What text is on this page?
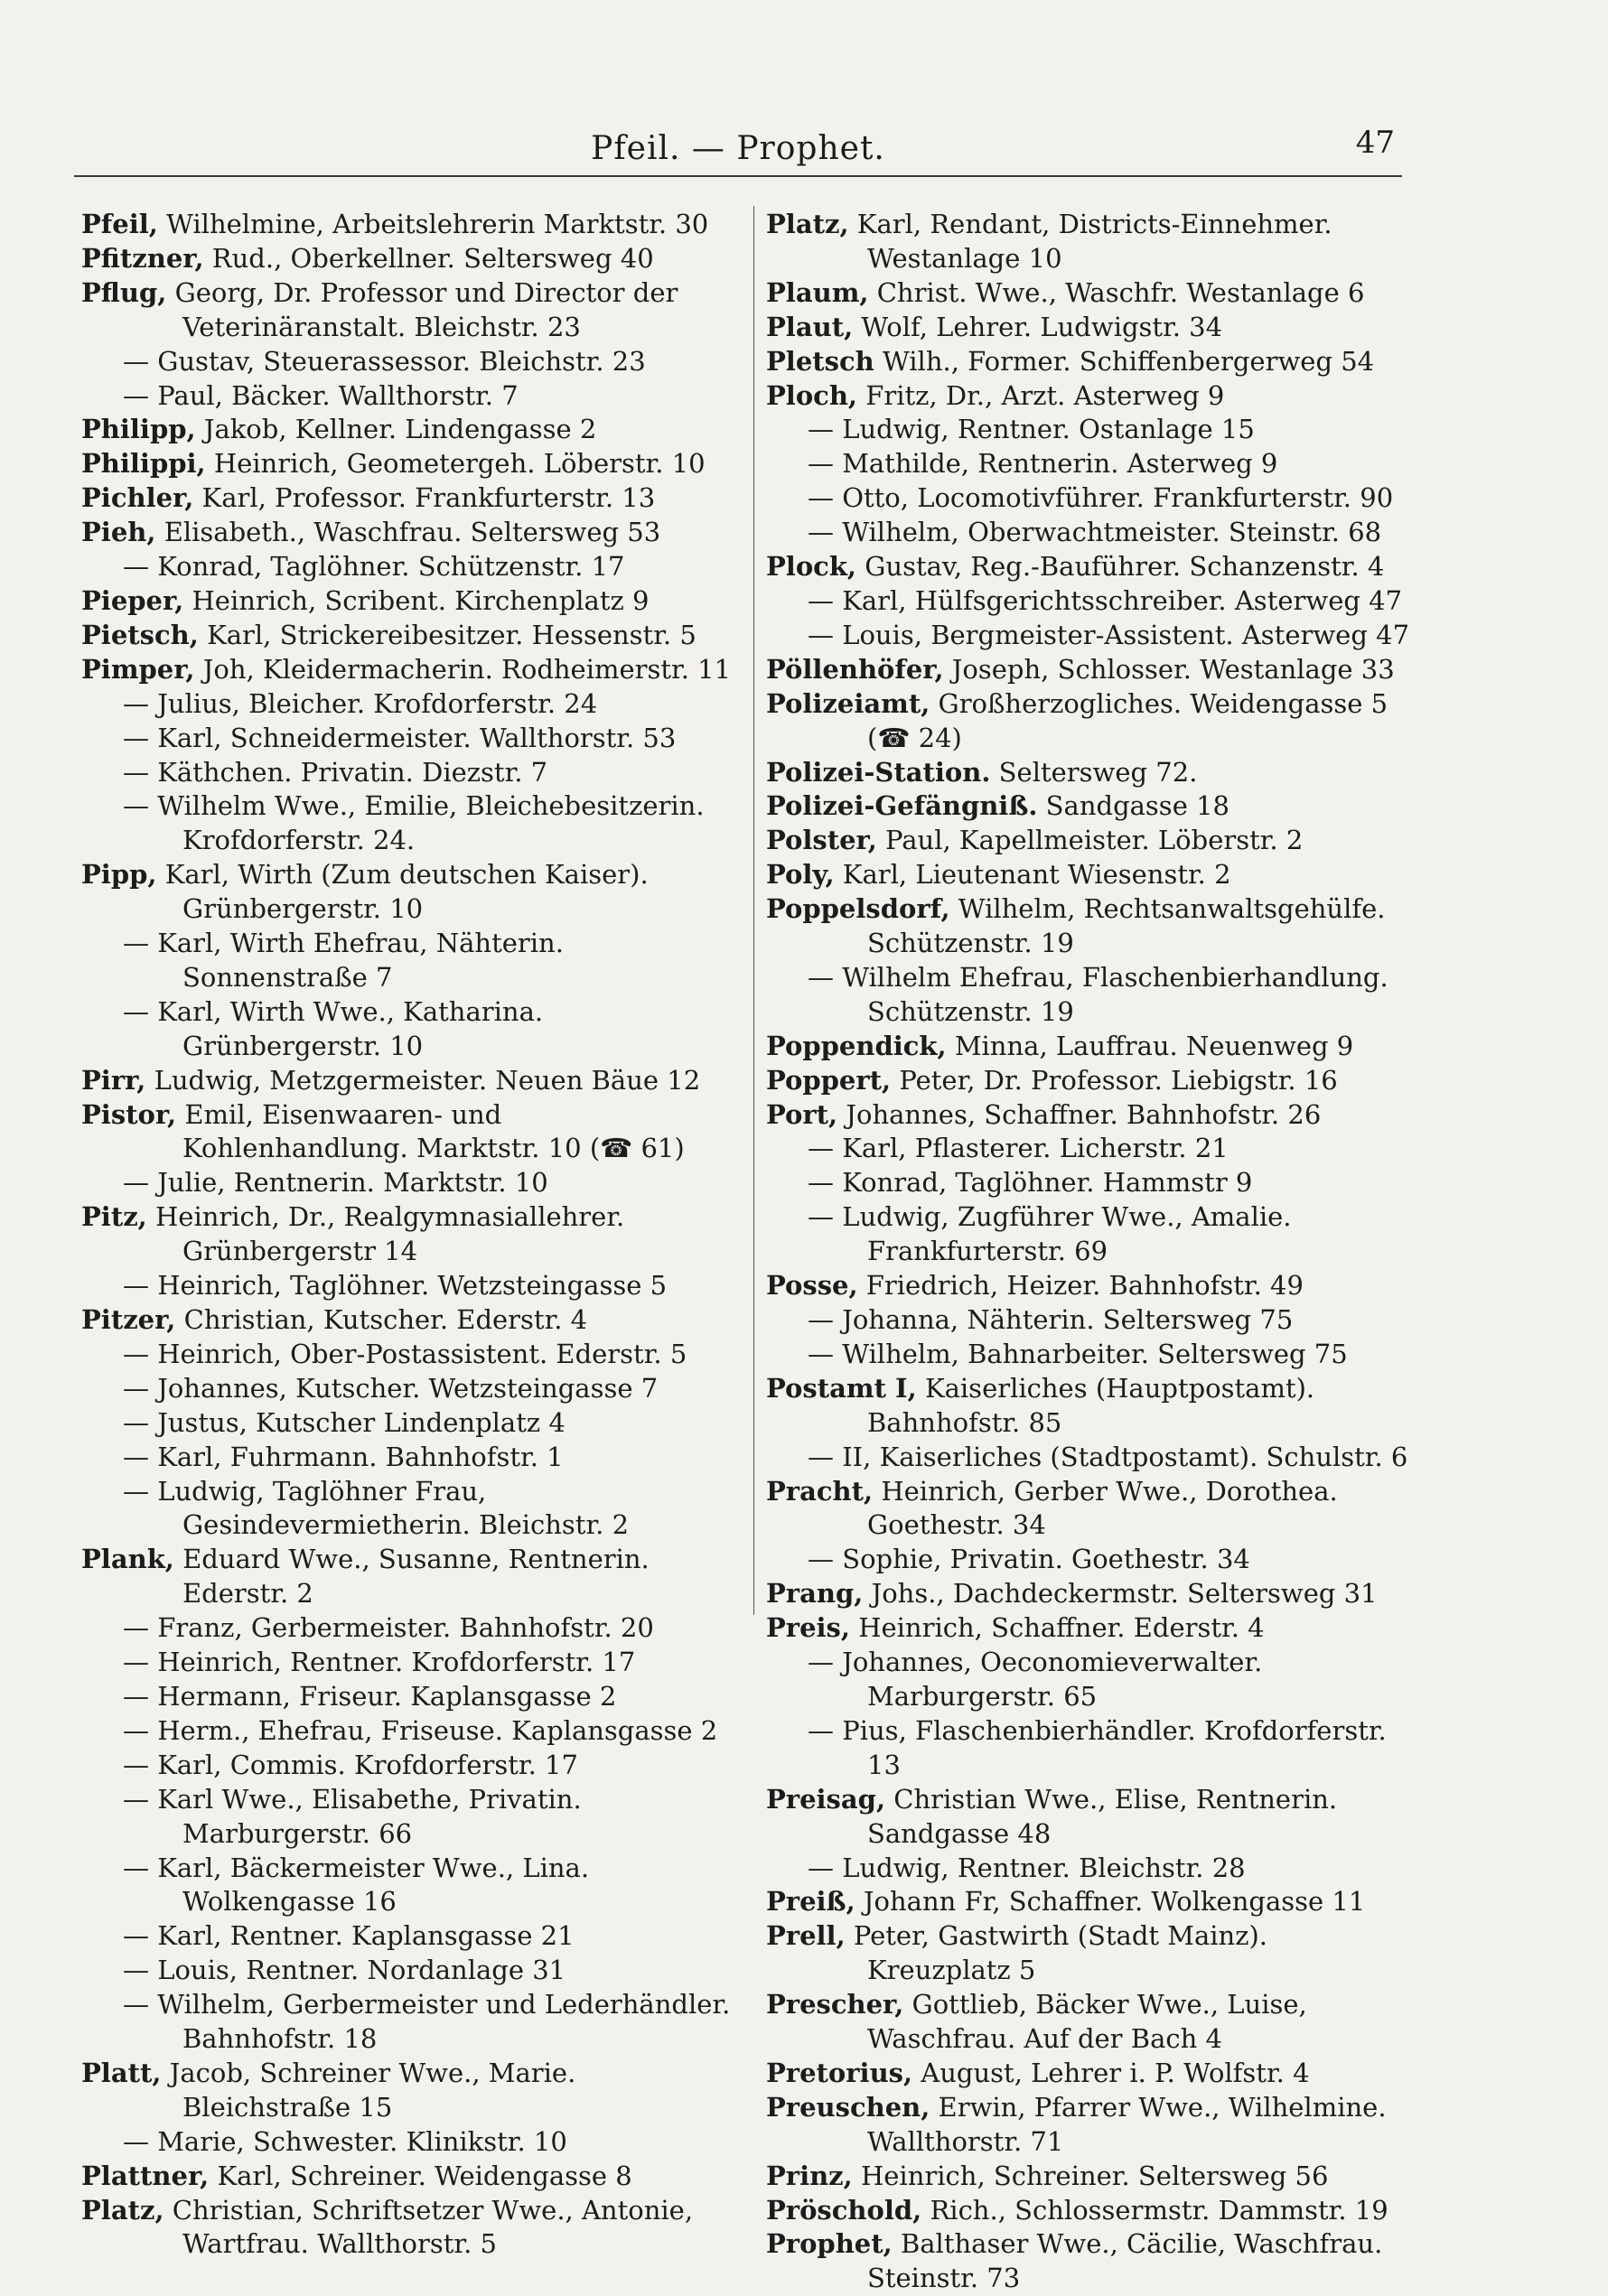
Pfeil. — Prophet.	47
Pfeil, Wilhelmine, Arbeitslehrerin Marktstr. 30
Pfitzner, Rud., Oberkellner. Seltersweg 40
Pflug, Georg, Dr. Professor und Director der Veterinäranstalt. Bleichstr. 23
— Gustav, Steuerassessor. Bleichstr. 23
— Paul, Bäcker. Wallthorstr. 7
Philipp, Jakob, Kellner. Lindengasse 2
Philippi, Heinrich, Geometergeh. Löberstr. 10
Pichler, Karl, Professor. Frankfurterstr. 13
Pieh, Elisabeth., Waschfrau. Seltersweg 53
— Konrad, Taglöhner. Schützenstr. 17
Pieper, Heinrich, Scribent. Kirchenplatz 9
Pietsch, Karl, Strickereibesitzer. Hessenstr. 5
Pimper, Joh, Kleidermacherin. Rodheimerstr. 11
— Julius, Bleicher. Krofdorferstr. 24
— Karl, Schneidermeister. Wallthorstr. 53
— Käthchen. Privatin. Diezstr. 7
— Wilhelm Wwe., Emilie, Bleichebesitzerin. Krofdorferstr. 24.
Pipp, Karl, Wirth (Zum deutschen Kaiser). Grünbergerstr. 10
— Karl, Wirth Ehefrau, Nähterin. Sonnenstraße 7
— Karl, Wirth Wwe., Katharina. Grünbergerstr. 10
Pirr, Ludwig, Metzgermeister. Neuen Bäue 12
Pistor, Emil, Eisenwaaren- und Kohlenhandlung. Marktstr. 10 (☎ 61)
— Julie, Rentnerin. Marktstr. 10
Pitz, Heinrich, Dr., Realgymnasiallehrer. Grünbergerstr 14
— Heinrich, Taglöhner. Wetzsteingasse 5
Pitzer, Christian, Kutscher. Ederstr. 4
— Heinrich, Ober-Postassistent. Ederstr. 5
— Johannes, Kutscher. Wetzsteingasse 7
— Justus, Kutscher Lindenplatz 4
— Karl, Fuhrmann. Bahnhofstr. 1
— Ludwig, Taglöhner Frau, Gesindevermietherin. Bleichstr. 2
Plank, Eduard Wwe., Susanne, Rentnerin. Ederstr. 2
— Franz, Gerbermeister. Bahnhofstr. 20
— Heinrich, Rentner. Krofdorferstr. 17
— Hermann, Friseur. Kaplansgasse 2
— Herm., Ehefrau, Friseuse. Kaplansgasse 2
— Karl, Commis. Krofdorferstr. 17
— Karl Wwe., Elisabethe, Privatin. Marburgerstr. 66
— Karl, Bäckermeister Wwe., Lina. Wolkengasse 16
— Karl, Rentner. Kaplansgasse 21
— Louis, Rentner. Nordanlage 31
— Wilhelm, Gerbermeister und Lederhändler. Bahnhofstr. 18
Platt, Jacob, Schreiner Wwe., Marie. Bleichstraße 15
— Marie, Schwester. Klinikstr. 10
Plattner, Karl, Schreiner. Weidengasse 8
Platz, Christian, Schriftsetzer Wwe., Antonie, Wartfrau. Wallthorstr. 5
Platz, Karl, Rendant, Districts-Einnehmer. Westanlage 10
Plaum, Christ. Wwe., Waschfr. Westanlage 6
Plaut, Wolf, Lehrer. Ludwigstr. 34
Pletsch Wilh., Former. Schiffenbergerweg 54
Ploch, Fritz, Dr., Arzt. Asterweg 9
— Ludwig, Rentner. Ostanlage 15
— Mathilde, Rentnerin. Asterweg 9
— Otto, Locomotivführer. Frankfurterstr. 90
— Wilhelm, Oberwachtmeister. Steinstr. 68
Plock, Gustav, Reg.-Bauführer. Schanzenstr. 4
— Karl, Hülfsgerichtsschreiber. Asterweg 47
— Louis, Bergmeister-Assistent. Asterweg 47
Pöllenhöfer, Joseph, Schlosser. Westanlage 33
Polizeiamt, Großherzogliches. Weidengasse 5 (☎ 24)
Polizei-Station. Seltersweg 72.
Polizei-Gefängniß. Sandgasse 18
Polster, Paul, Kapellmeister. Löberstr. 2
Poly, Karl, Lieutenant Wiesenstr. 2
Poppelsdorf, Wilhelm, Rechtsanwaltsgehülfe. Schützenstr. 19
— Wilhelm Ehefrau, Flaschenbierhandlung. Schützenstr. 19
Poppendick, Minna, Lauffrau. Neuenweg 9
Poppert, Peter, Dr. Professor. Liebigstr. 16
Port, Johannes, Schaffner. Bahnhofstr. 26
— Karl, Pflasterer. Licherstr. 21
— Konrad, Taglöhner. Hammstr 9
— Ludwig, Zugführer Wwe., Amalie. Frankfurterstr. 69
Posse, Friedrich, Heizer. Bahnhofstr. 49
— Johanna, Nähterin. Seltersweg 75
— Wilhelm, Bahnarbeiter. Seltersweg 75
Postamt I, Kaiserliches (Hauptpostamt). Bahnhofstr. 85
— II, Kaiserliches (Stadtpostamt). Schulstr. 6
Pracht, Heinrich, Gerber Wwe., Dorothea. Goethestr. 34
— Sophie, Privatin. Goethestr. 34
Prang, Johs., Dachdeckermstr. Seltersweg 31
Preis, Heinrich, Schaffner. Ederstr. 4
— Johannes, Oeconomieverwalter. Marburgerstr. 65
— Pius, Flaschenbierhändler. Krofdorferstr. 13
Preisag, Christian Wwe., Elise, Rentnerin. Sandgasse 48
— Ludwig, Rentner. Bleichstr. 28
Preiß, Johann Fr, Schaffner. Wolkengasse 11
Prell, Peter, Gastwirth (Stadt Mainz). Kreuzplatz 5
Prescher, Gottlieb, Bäcker Wwe., Luise, Waschfrau. Auf der Bach 4
Pretorius, August, Lehrer i. P. Wolfstr. 4
Preuschen, Erwin, Pfarrer Wwe., Wilhelmine. Wallthorstr. 71
Prinz, Heinrich, Schreiner. Seltersweg 56
Pröschold, Rich., Schlossermstr. Dammstr. 19
Prophet, Balthaser Wwe., Cäcilie, Waschfrau. Steinstr. 73
